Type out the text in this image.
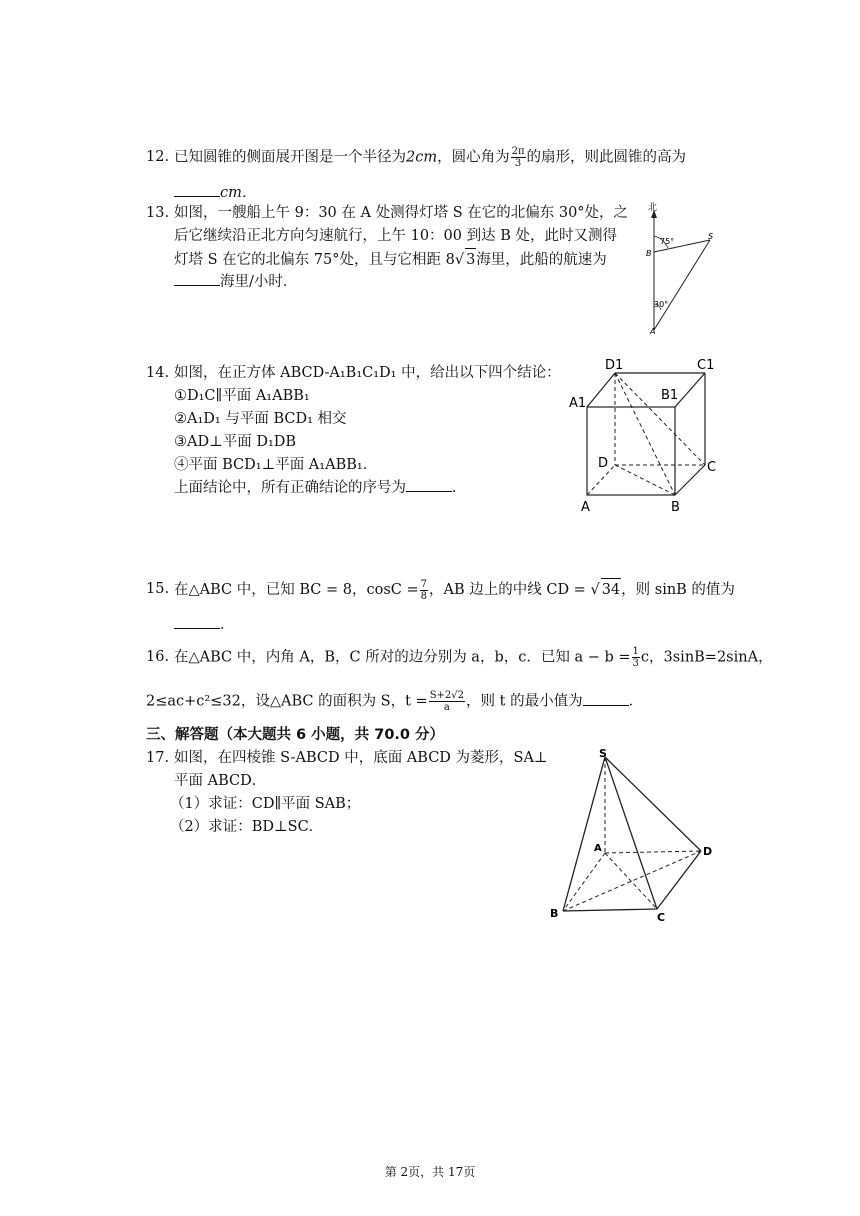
12. 已知圆锥的侧面展开图是一个半径为2cm，圆心角为 $\frac{2\pi}{3}$ 的扇形，则此圆锥的高为
cm．
13. 如图，一艘船上午 9：30 在 A 处测得灯塔 S 在它的北偏东 30°处，之
后它继续沿正北方向匀速航行，上午 10：00 到达 B 处，此时又测得
灯塔 S 在它的北偏东 75°处，且与它相距 8√ 3海里，此船的航速为
海里/小时．
北
75°
30°
S
B
A
14. 如图，在正方体 ABCD-A₁B₁C₁D₁ 中，给出以下四个结论：
①D₁C∥平面 A₁ABB₁
②A₁D₁ 与平面 BCD₁ 相交
③AD⊥平面 D₁DB
④平面 BCD₁⊥平面 A₁ABB₁．
上面结论中，所有正确结论的序号为	．
D1	C1
A1
B1
D	C
A	B
15. 在△ABC 中，已知 BC = 8，$\cos C = \frac{7}{8}$ ，AB 边上的中线 CD = √ 34，则 sinB 的值为
．
16. 在△ABC 中，内角 A，B，C 所对的边分别为 a，b，c．已知 $a - b = \frac{1}{3}$ c，3sinB=2sinA，
2≤ac+c²≤32，设△ABC 的面积为 S，$t = \frac{S+2√2}{a}$ ，则 t 的最小值为	．
三、解答题（本大题共 6 小题，共 70.0 分）
17. 如图，在四棱锥 S-ABCD 中，底面 ABCD 为菱形，SA⊥
平面 ABCD．
（1）求证：CD∥平面 SAB；
（2）求证：BD⊥SC．
S
A	D
B	C
第 2页，共 17页
